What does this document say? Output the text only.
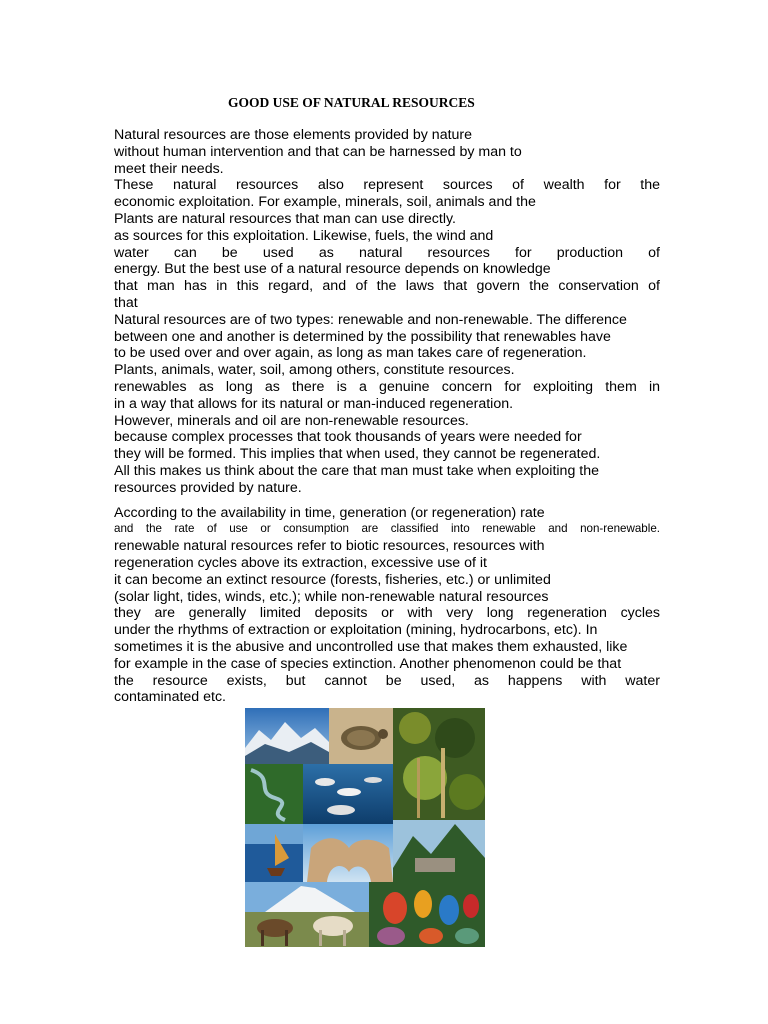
GOOD USE OF NATURAL RESOURCES
Natural resources are those elements provided by nature
without human intervention and that can be harnessed by man to
meet their needs.
These natural resources also represent sources of wealth for the
economic exploitation. For example, minerals, soil, animals and the
Plants are natural resources that man can use directly.
as sources for this exploitation. Likewise, fuels, the wind and
water can be used as natural resources for production of
energy. But the best use of a natural resource depends on knowledge
that man has in this regard, and of the laws that govern the conservation of
that
Natural resources are of two types: renewable and non-renewable. The difference
between one and another is determined by the possibility that renewables have
to be used over and over again, as long as man takes care of regeneration.
Plants, animals, water, soil, among others, constitute resources.
renewables as long as there is a genuine concern for exploiting them in
in a way that allows for its natural or man-induced regeneration.
However, minerals and oil are non-renewable resources.
because complex processes that took thousands of years were needed for
they will be formed. This implies that when used, they cannot be regenerated.
All this makes us think about the care that man must take when exploiting the
resources provided by nature.
According to the availability in time, generation (or regeneration) rate
and the rate of use or consumption are classified into renewable and non-renewable.
renewable natural resources refer to biotic resources, resources with
regeneration cycles above its extraction, excessive use of it
it can become an extinct resource (forests, fisheries, etc.) or unlimited
(solar light, tides, winds, etc.); while non-renewable natural resources
they are generally limited deposits or with very long regeneration cycles
under the rhythms of extraction or exploitation (mining, hydrocarbons, etc). In
sometimes it is the abusive and uncontrolled use that makes them exhausted, like
for example in the case of species extinction. Another phenomenon could be that
the resource exists, but cannot be used, as happens with water
contaminated etc.
